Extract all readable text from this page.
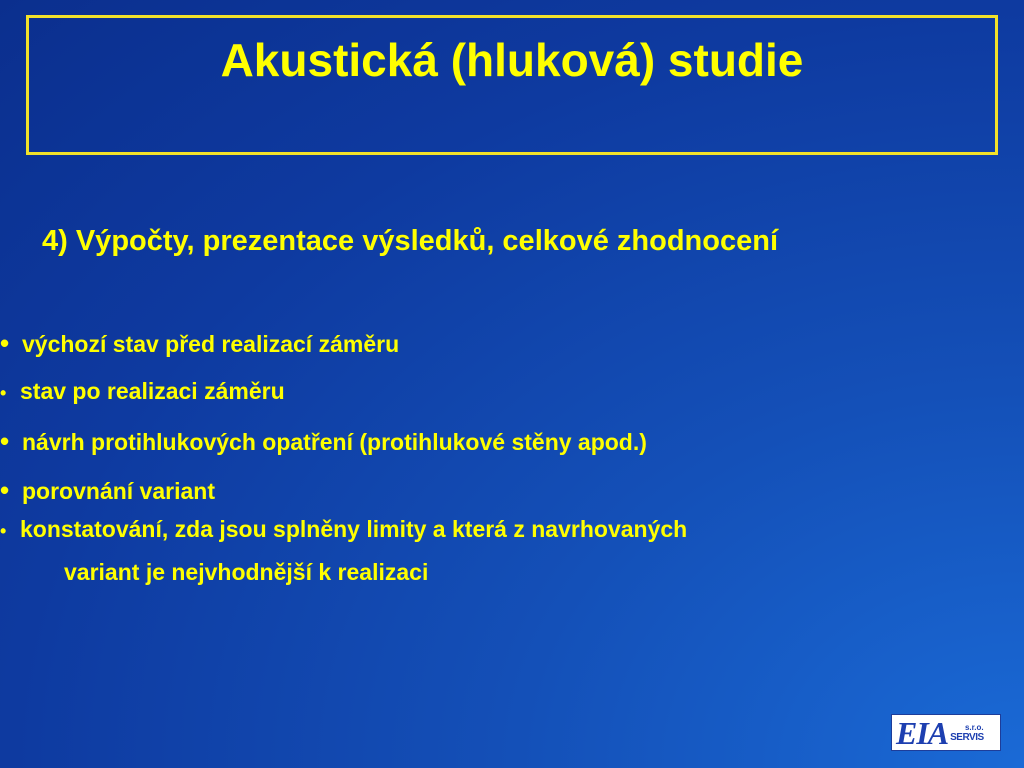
Akustická (hluková) studie
4) Výpočty, prezentace výsledků, celkové zhodnocení
• výchozí stav před realizací záměru
• stav po realizaci záměru
• návrh protihlukových opatření (protihlukové stěny apod.)
• porovnání variant
• konstatování, zda jsou splněny limity a která z navrhovaných
variant je nejvhodnější k realizaci
EIA	s.r.o.
SERVIS
